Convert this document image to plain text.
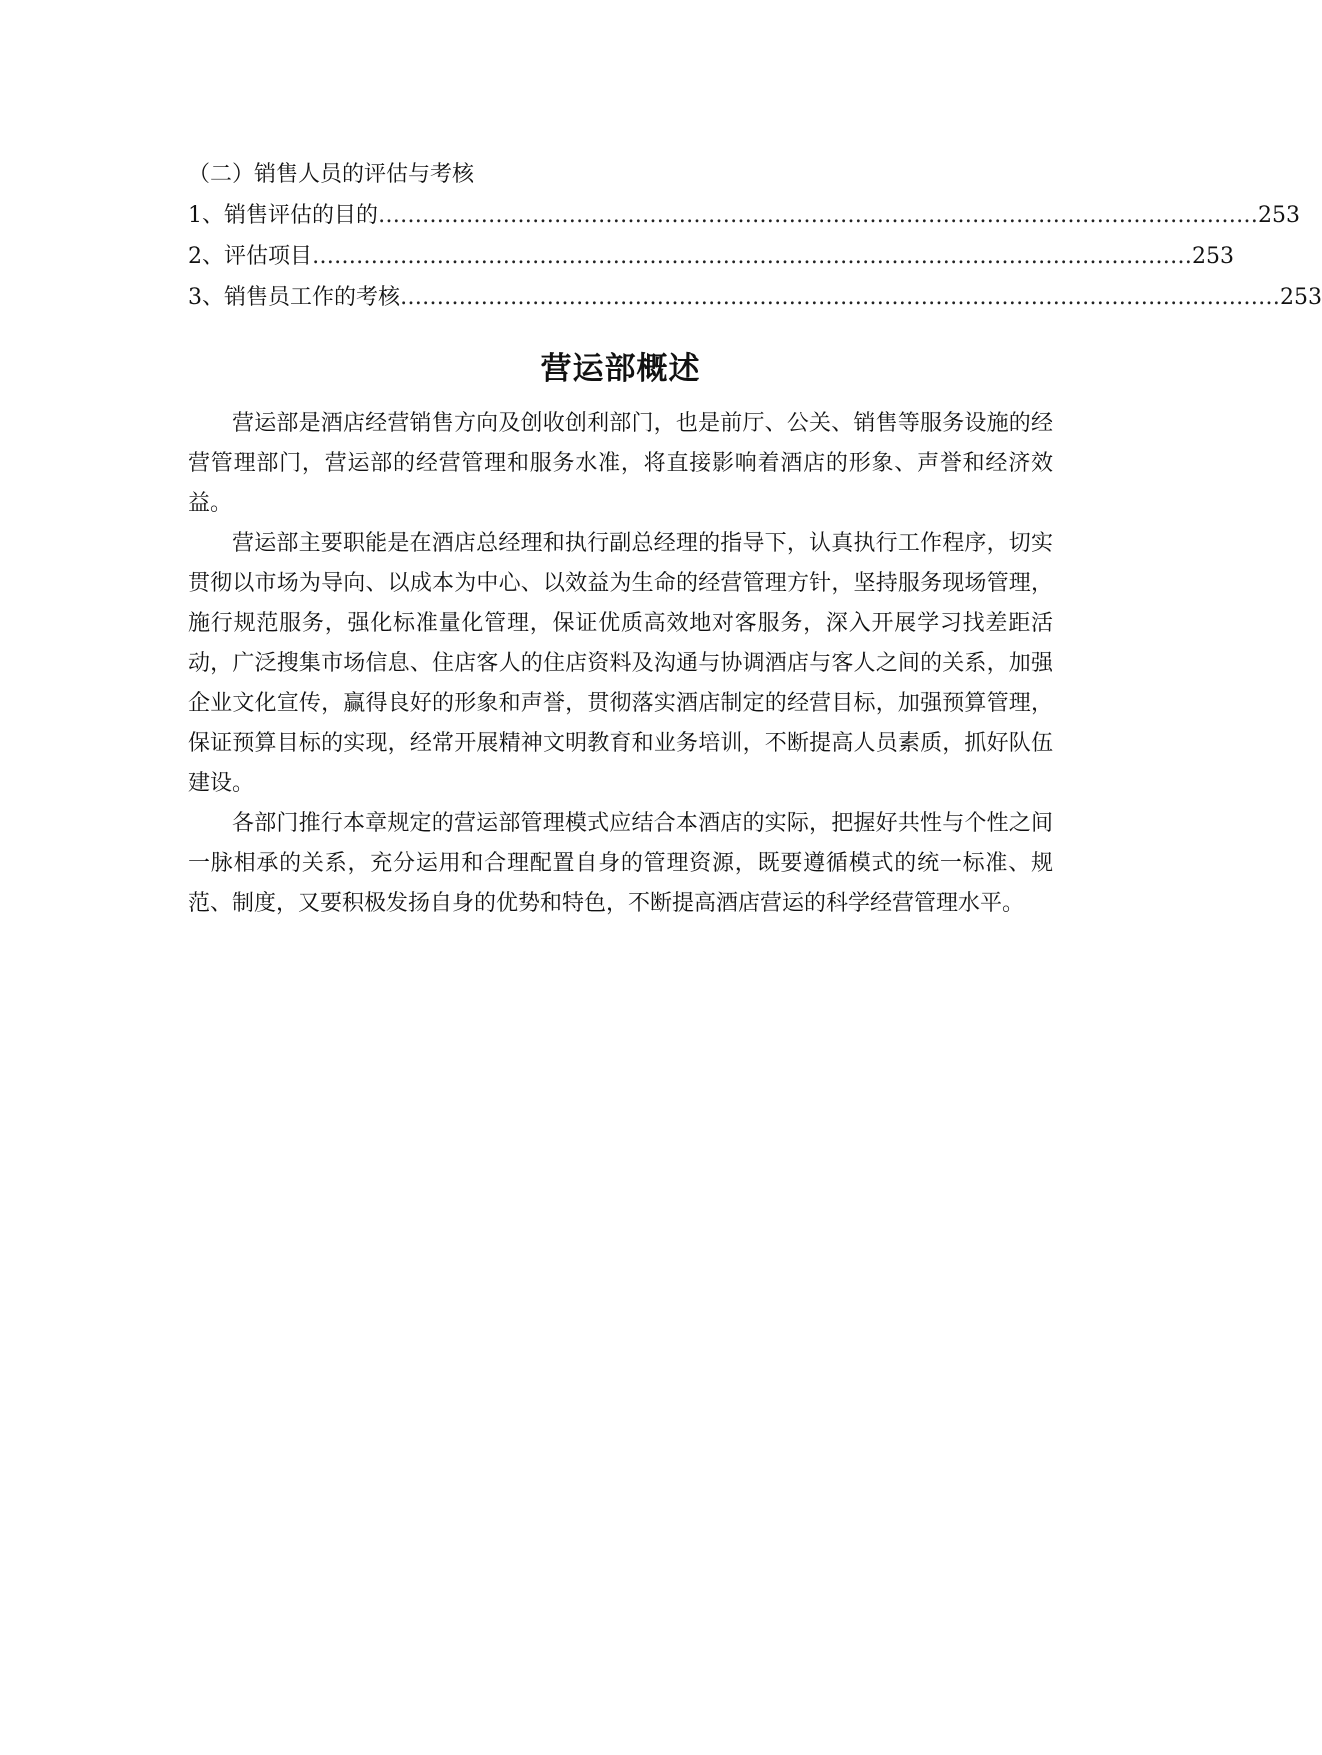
（二）销售人员的评估与考核
1、销售评估的目的 ………………………………………………………………………………………………………… 253
2、评估项目 ………………………………………………………………………………………………………… 253
3、销售员工作的考核 ………………………………………………………………………………………………………… 253
营运部概述

营运部是酒店经营销售方向及创收创利部门，也是前厅、公关、销售等服务设施的经营管理部门，营运部的经营管理和服务水准，将直接影响着酒店的形象、声誉和经济效益。

营运部主要职能是在酒店总经理和执行副总经理的指导下，认真执行工作程序，切实贯彻以市场为导向、以成本为中心、以效益为生命的经营管理方针，坚持服务现场管理，施行规范服务，强化标准量化管理，保证优质高效地对客服务，深入开展学习找差距活动，广泛搜集市场信息、住店客人的住店资料及沟通与协调酒店与客人之间的关系，加强企业文化宣传，赢得良好的形象和声誉，贯彻落实酒店制定的经营目标，加强预算管理，保证预算目标的实现，经常开展精神文明教育和业务培训，不断提高人员素质，抓好队伍建设。

各部门推行本章规定的营运部管理模式应结合本酒店的实际，把握好共性与个性之间一脉相承的关系，充分运用和合理配置自身的管理资源，既要遵循模式的统一标准、规范、制度，又要积极发扬自身的优势和特色，不断提高酒店营运的科学经营管理水平。
